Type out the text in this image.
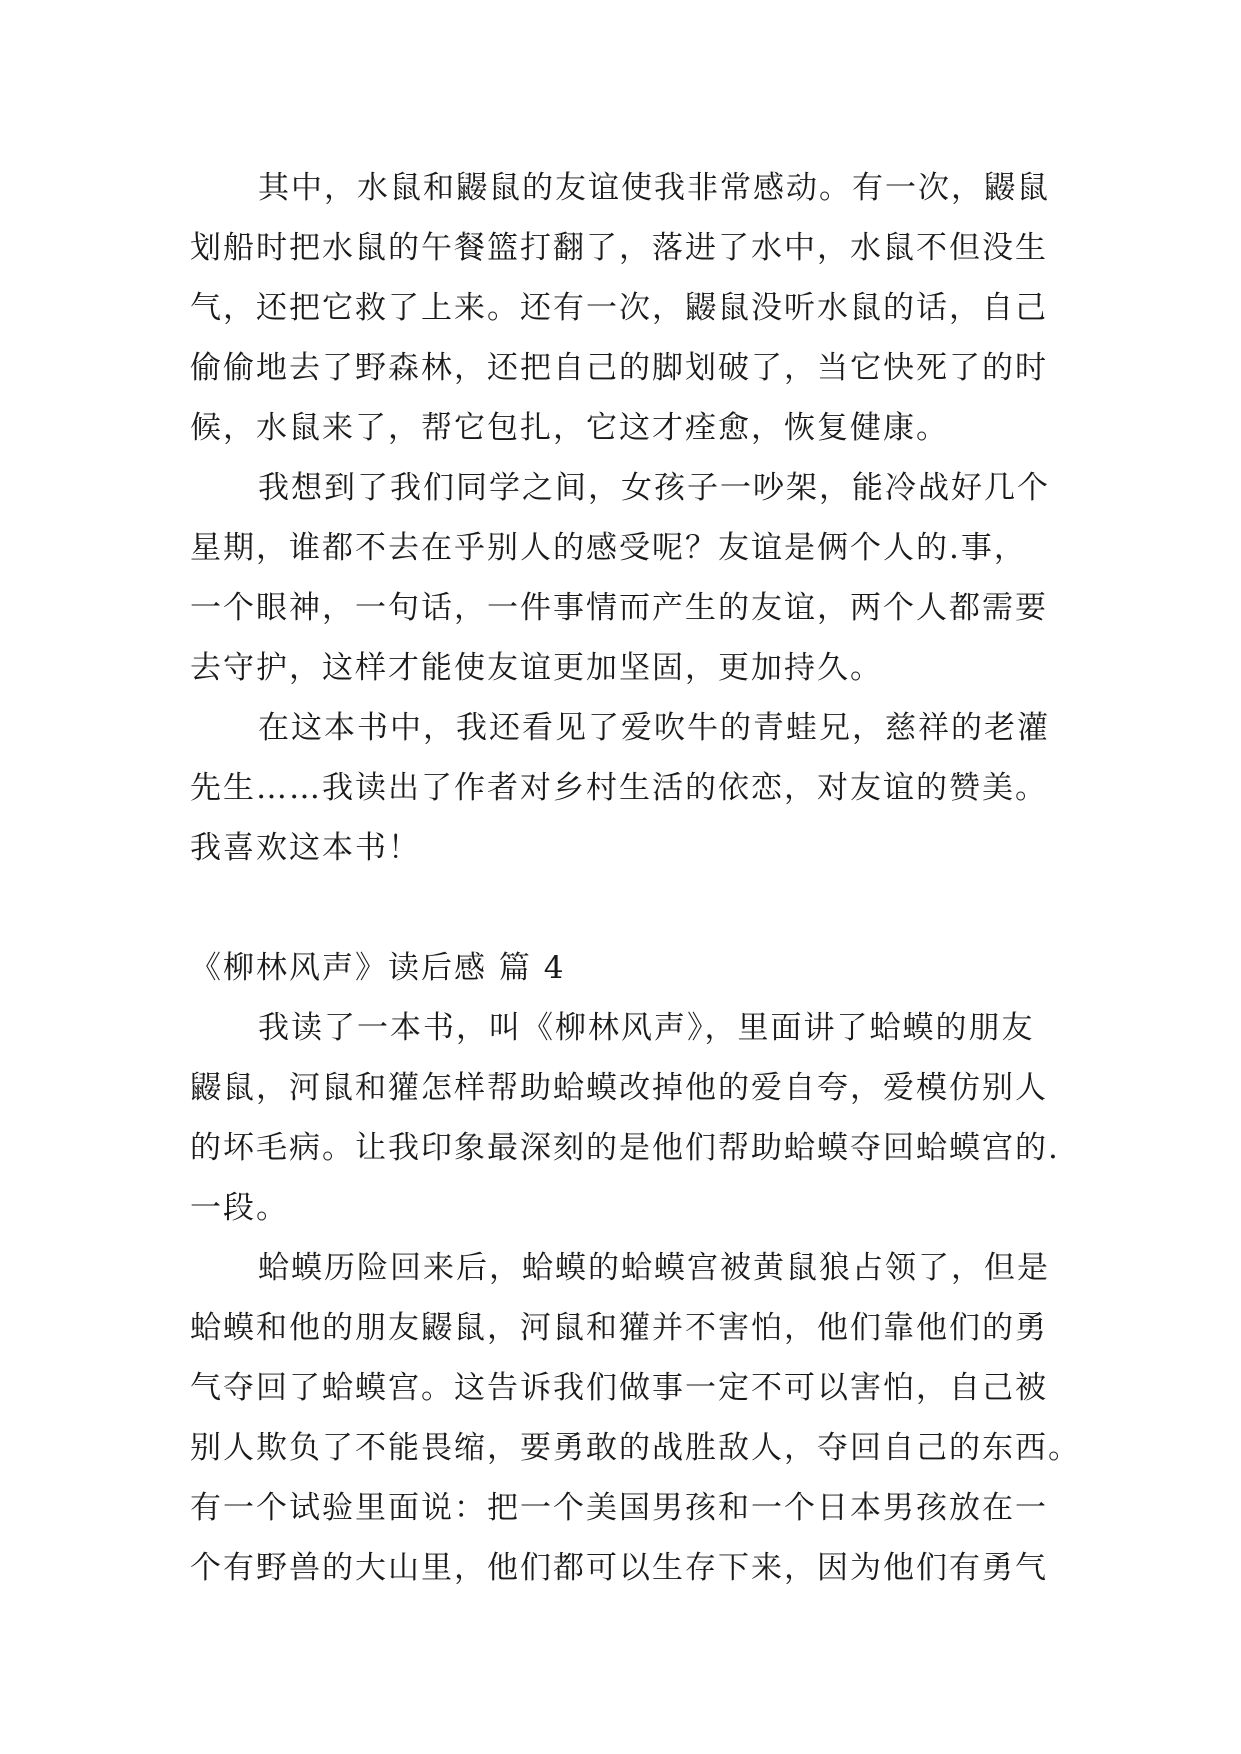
其中，水鼠和鼹鼠的友谊使我非常感动。有一次，鼹鼠
划船时把水鼠的午餐篮打翻了，落进了水中，水鼠不但没生
气，还把它救了上来。还有一次，鼹鼠没听水鼠的话，自己
偷偷地去了野森林，还把自己的脚划破了，当它快死了的时
候，水鼠来了，帮它包扎，它这才痊愈，恢复健康。
我想到了我们同学之间，女孩子一吵架，能冷战好几个
星期，谁都不去在乎别人的感受呢？友谊是俩个人的.事，
一个眼神，一句话，一件事情而产生的友谊，两个人都需要
去守护，这样才能使友谊更加坚固，更加持久。
在这本书中，我还看见了爱吹牛的青蛙兄，慈祥的老灌
先生……我读出了作者对乡村生活的依恋，对友谊的赞美。
我喜欢这本书！
《柳林风声》读后感 篇 4
我读了一本书，叫《柳林风声》，里面讲了蛤蟆的朋友
鼹鼠，河鼠和獾怎样帮助蛤蟆改掉他的爱自夸，爱模仿别人
的坏毛病。让我印象最深刻的是他们帮助蛤蟆夺回蛤蟆宫的.
一段。
蛤蟆历险回来后，蛤蟆的蛤蟆宫被黄鼠狼占领了，但是
蛤蟆和他的朋友鼹鼠，河鼠和獾并不害怕，他们靠他们的勇
气夺回了蛤蟆宫。这告诉我们做事一定不可以害怕，自己被
别人欺负了不能畏缩，要勇敢的战胜敌人，夺回自己的东西。
有一个试验里面说：把一个美国男孩和一个日本男孩放在一
个有野兽的大山里，他们都可以生存下来，因为他们有勇气
